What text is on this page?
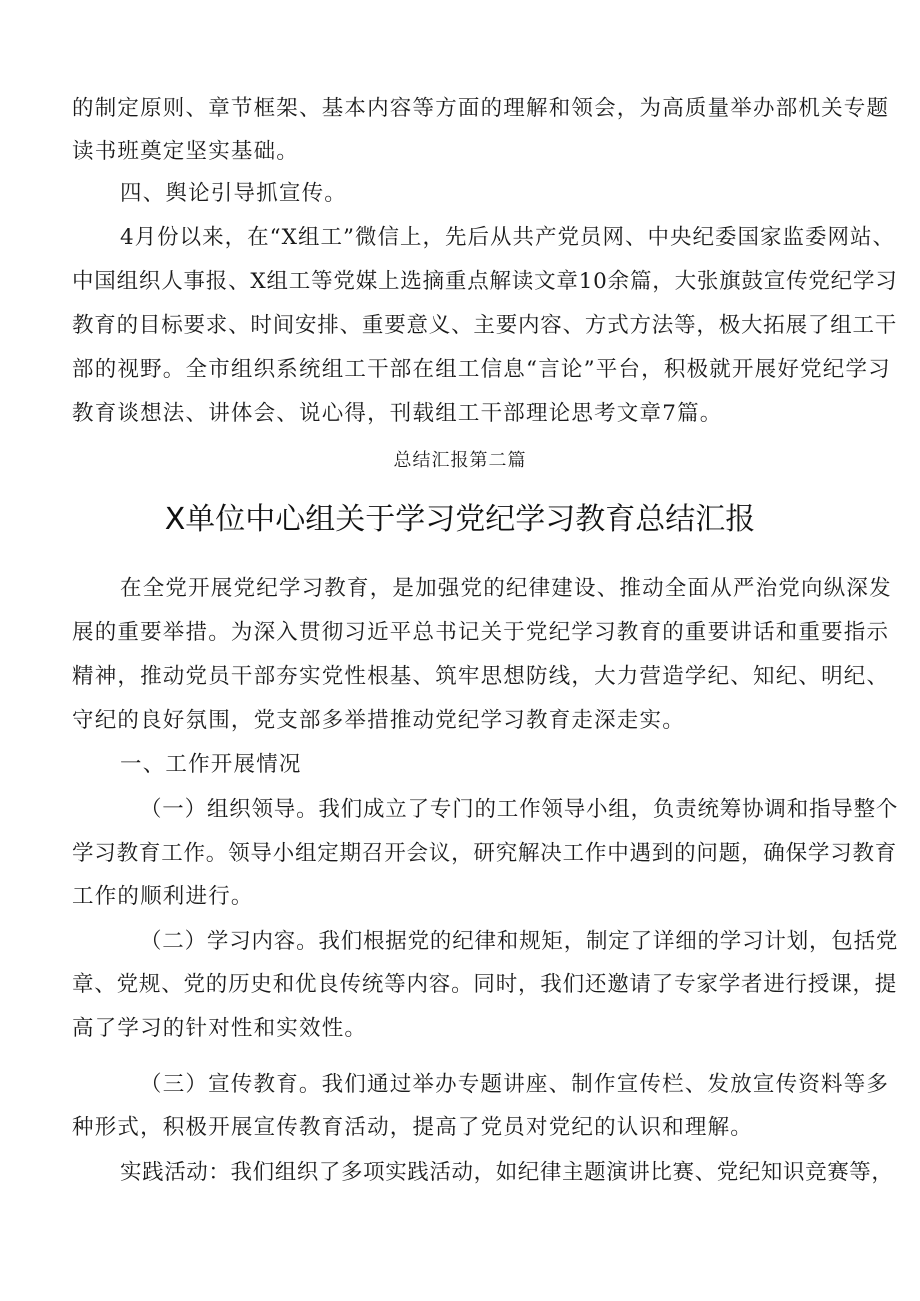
的制定原则、章节框架、基本内容等方面的理解和领会，为高质量举办部机关专题
读书班奠定坚实基础。
四、舆论引导抓宣传。
4月份以来，在“X组工”微信上，先后从共产党员网、中央纪委国家监委网站、
中国组织人事报、X组工等党媒上选摘重点解读文章10余篇，大张旗鼓宣传党纪学习
教育的目标要求、时间安排、重要意义、主要内容、方式方法等，极大拓展了组工干
部的视野。全市组织系统组工干部在组工信息“言论”平台，积极就开展好党纪学习
教育谈想法、讲体会、说心得，刊载组工干部理论思考文章7篇。
总结汇报第二篇
X单位中心组关于学习党纪学习教育总结汇报
在全党开展党纪学习教育，是加强党的纪律建设、推动全面从严治党向纵深发
展的重要举措。为深入贯彻习近平总书记关于党纪学习教育的重要讲话和重要指示
精神，推动党员干部夯实党性根基、筑牢思想防线，大力营造学纪、知纪、明纪、
守纪的良好氛围，党支部多举措推动党纪学习教育走深走实。
一、工作开展情况
（一）组织领导。我们成立了专门的工作领导小组，负责统筹协调和指导整个
学习教育工作。领导小组定期召开会议，研究解决工作中遇到的问题，确保学习教育
工作的顺利进行。
（二）学习内容。我们根据党的纪律和规矩，制定了详细的学习计划，包括党
章、党规、党的历史和优良传统等内容。同时，我们还邀请了专家学者进行授课，提
高了学习的针对性和实效性。
（三）宣传教育。我们通过举办专题讲座、制作宣传栏、发放宣传资料等多
种形式，积极开展宣传教育活动，提高了党员对党纪的认识和理解。
实践活动：我们组织了多项实践活动，如纪律主题演讲比赛、党纪知识竞赛等，
